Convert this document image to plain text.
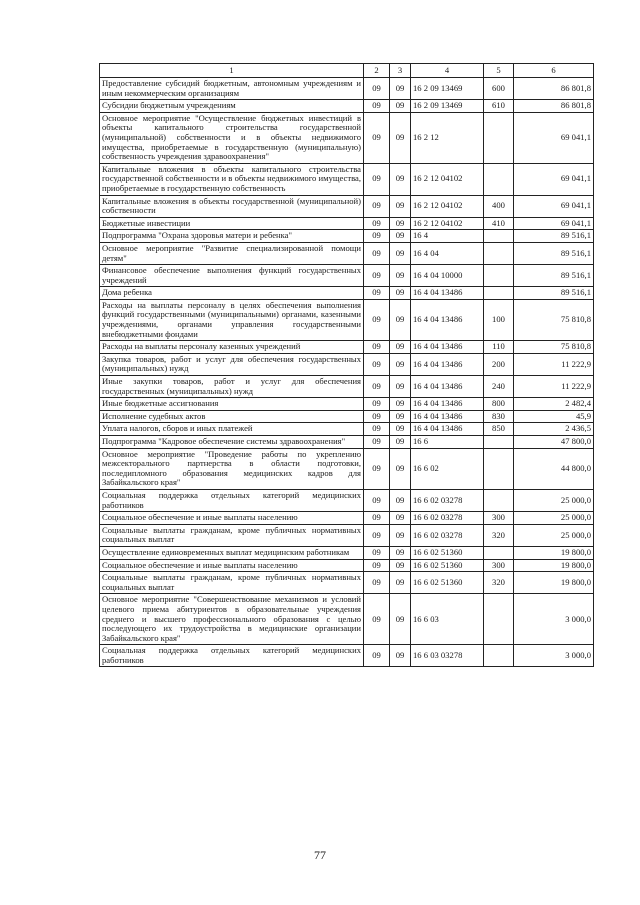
1	2	3	4	5	6
Предоставление субсидий бюджетным, автономным учреждениям и иным некоммерческим организациям	09	09	16 2 09 13469	600	86 801,8
Субсидии бюджетным учреждениям	09	09	16 2 09 13469	610	86 801,8
Основное мероприятие "Осуществление бюджетных инвестиций в объекты капитального строительства государственной (муниципальной) собственности и в объекты недвижимого имущества, приобретаемые в государственную (муниципальную) собственность учреждения здравоохранения"	09	09	16 2 12		69 041,1
Капитальные вложения в объекты капитального строительства государственной собственности и в объекты недвижимого имущества, приобретаемые в государственную собственность	09	09	16 2 12 04102		69 041,1
Капитальные вложения в объекты государственной (муниципальной) собственности	09	09	16 2 12 04102	400	69 041,1
Бюджетные инвестиции	09	09	16 2 12 04102	410	69 041,1
Подпрограмма "Охрана здоровья матери и ребенка"	09	09	16 4		89 516,1
Основное мероприятие "Развитие специализированной помощи детям"	09	09	16 4 04		89 516,1
Финансовое обеспечение выполнения функций государственных учреждений	09	09	16 4 04 10000		89 516,1
Дома ребенка	09	09	16 4 04 13486		89 516,1
Расходы на выплаты персоналу в целях обеспечения выполнения функций государственными (муниципальными) органами, казенными учреждениями, органами управления государственными внебюджетными фондами	09	09	16 4 04 13486	100	75 810,8
Расходы на выплаты персоналу казенных учреждений	09	09	16 4 04 13486	110	75 810,8
Закупка товаров, работ и услуг для обеспечения государственных (муниципальных) нужд	09	09	16 4 04 13486	200	11 222,9
Иные закупки товаров, работ и услуг для обеспечения государственных (муниципальных) нужд	09	09	16 4 04 13486	240	11 222,9
Иные бюджетные ассигнования	09	09	16 4 04 13486	800	2 482,4
Исполнение судебных актов	09	09	16 4 04 13486	830	45,9
Уплата налогов, сборов и иных платежей	09	09	16 4 04 13486	850	2 436,5
Подпрограмма "Кадровое обеспечение системы здравоохранения"	09	09	16 6		47 800,0
Основное мероприятие "Проведение работы по укреплению межсекторального партнерства в области подготовки, последипломного образования медицинских кадров для Забайкальского края"	09	09	16 6 02		44 800,0
Социальная поддержка отдельных категорий медицинских работников	09	09	16 6 02 03278		25 000,0
Социальное обеспечение и иные выплаты населению	09	09	16 6 02 03278	300	25 000,0
Социальные выплаты гражданам, кроме публичных нормативных социальных выплат	09	09	16 6 02 03278	320	25 000,0
Осуществление единовременных выплат медицинским работникам	09	09	16 6 02 51360		19 800,0
Социальное обеспечение и иные выплаты населению	09	09	16 6 02 51360	300	19 800,0
Социальные выплаты гражданам, кроме публичных нормативных социальных выплат	09	09	16 6 02 51360	320	19 800,0
Основное мероприятие "Совершенствование механизмов и условий целевого приема абитуриентов в образовательные учреждения среднего и высшего профессионального образования с целью последующего их трудоустройства в медицинские организации Забайкальского края"	09	09	16 6 03		3 000,0
Социальная поддержка отдельных категорий медицинских работников	09	09	16 6 03 03278		3 000,0
77
